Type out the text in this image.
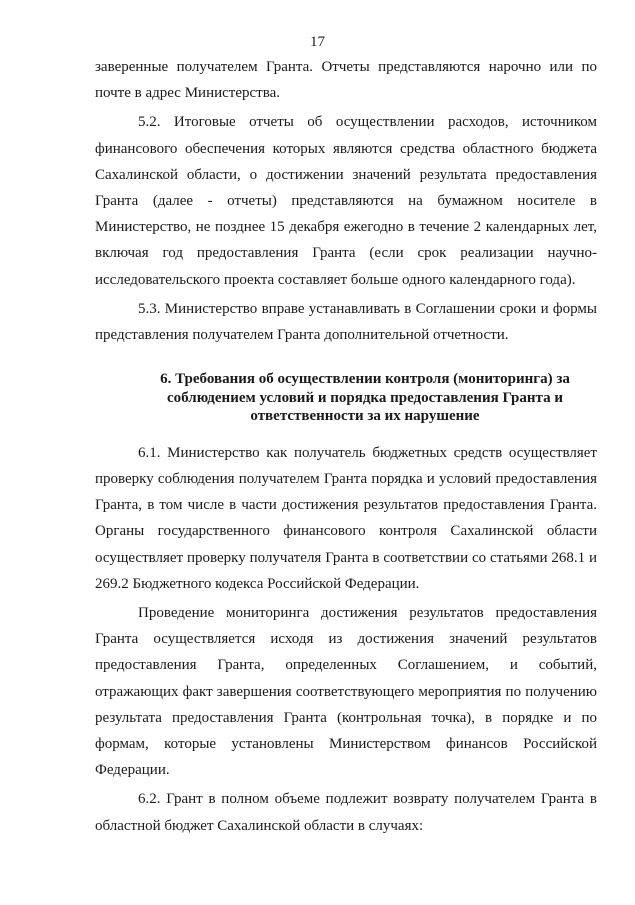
17

заверенные получателем Гранта. Отчеты представляются нарочно или по почте в адрес Министерства.

5.2. Итоговые отчеты об осуществлении расходов, источником финансового обеспечения которых являются средства областного бюджета Сахалинской области, о достижении значений результата предоставления Гранта (далее - отчеты) представляются на бумажном носителе в Министерство, не позднее 15 декабря ежегодно в течение 2 календарных лет, включая год предоставления Гранта (если срок реализации научно-исследовательского проекта составляет больше одного календарного года).

5.3. Министерство вправе устанавливать в Соглашении сроки и формы представления получателем Гранта дополнительной отчетности.

6. Требования об осуществлении контроля (мониторинга) за
соблюдением условий и порядка предоставления Гранта и
ответственности за их нарушение

6.1. Министерство как получатель бюджетных средств осуществляет проверку соблюдения получателем Гранта порядка и условий предоставления Гранта, в том числе в части достижения результатов предоставления Гранта. Органы государственного финансового контроля Сахалинской области осуществляет проверку получателя Гранта в соответствии со статьями 268.1 и 269.2 Бюджетного кодекса Российской Федерации.

Проведение мониторинга достижения результатов предоставления Гранта осуществляется исходя из достижения значений результатов предоставления Гранта, определенных Соглашением, и событий, отражающих факт завершения соответствующего мероприятия по получению результата предоставления Гранта (контрольная точка), в порядке и по формам, которые установлены Министерством финансов Российской Федерации.

6.2. Грант в полном объеме подлежит возврату получателем Гранта в областной бюджет Сахалинской области в случаях:
